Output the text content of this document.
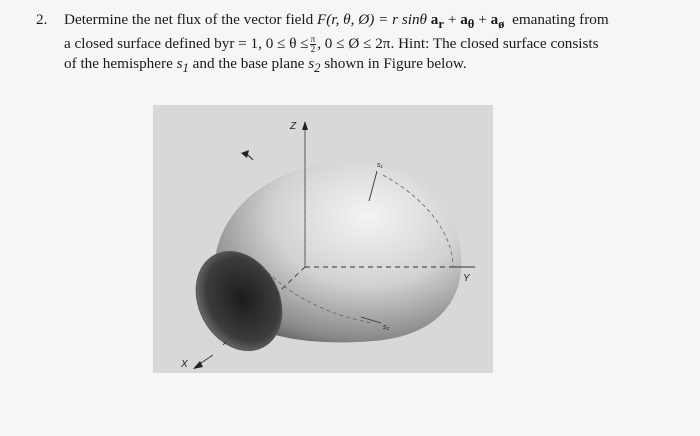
2. Determine the net flux of the vector field F(r, θ, Ø) = r sinθ $a_r + a_\theta + a_ø$ emanating from
a closed surface defined byr = 1, $0 \le \theta \le \frac{\pi}{2}$ , 0 ≤ Ø ≤ 2π. Hint: The closed surface consists
of the hemisphere $s_1$ and the base plane $s_2$ shown in Figure below.
Z
Y
X
s₁
s₂
